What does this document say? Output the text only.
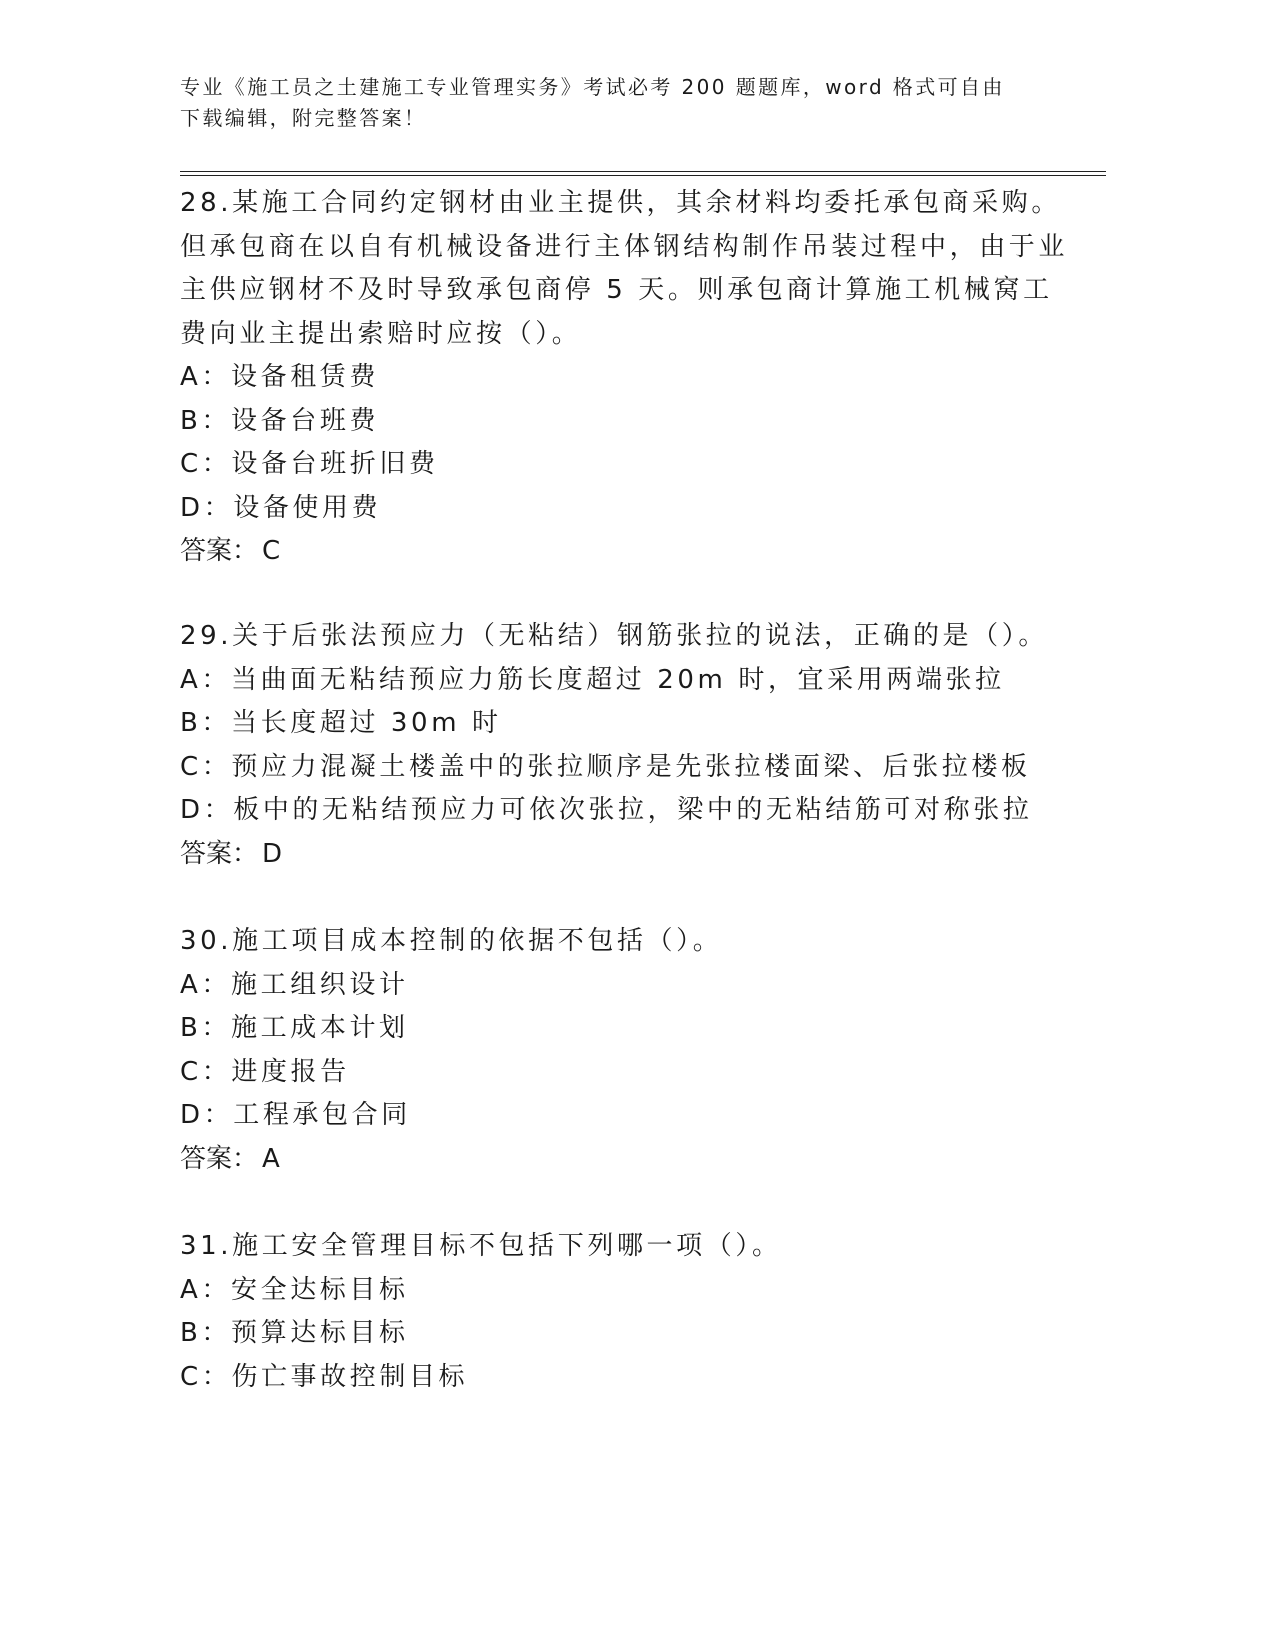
专业《施工员之土建施工专业管理实务》考试必考 200 题题库，word 格式可自由
下载编辑，附完整答案！

28.某施工合同约定钢材由业主提供，其余材料均委托承包商采购。但承包商在以自有机械设备进行主体钢结构制作吊装过程中，由于业主供应钢材不及时导致承包商停 5 天。则承包商计算施工机械窝工费向业主提出索赔时应按（）。

A：设备租赁费
B：设备台班费
C：设备台班折旧费
D：设备使用费
答案： C

29.关于后张法预应力（无粘结）钢筋张拉的说法，正确的是（）。

A：当曲面无粘结预应力筋长度超过 20m 时，宜采用两端张拉
B：当长度超过 30m 时
C：预应力混凝土楼盖中的张拉顺序是先张拉楼面梁、后张拉楼板
D：板中的无粘结预应力可依次张拉，梁中的无粘结筋可对称张拉
答案： D

30.施工项目成本控制的依据不包括（）。

A：施工组织设计
B：施工成本计划
C：进度报告
D：工程承包合同
答案： A

31.施工安全管理目标不包括下列哪一项（）。

A：安全达标目标
B：预算达标目标
C：伤亡事故控制目标
